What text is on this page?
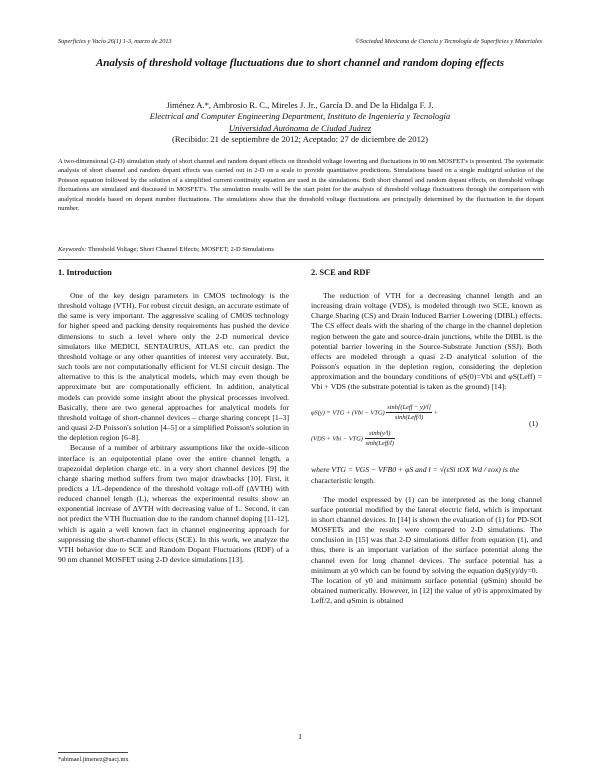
Superficies y Vacío 26(1) 1-3, marzo de 2013	©Sociedad Mexicana de Ciencia y Tecnología de Superficies y Materiales
Analysis of threshold voltage fluctuations due to short channel and random doping effects
Jiménez A.*, Ambrosio R. C., Mireles J. Jr., García D. and De la Hidalga F. J.
Electrical and Computer Engineering Department, Instituto de Ingeniería y Tecnología
Universidad Autónoma de Ciudad Juárez
(Recibido: 21 de septiembre de 2012; Aceptado: 27 de diciembre de 2012)
A two-dimensional (2-D) simulation study of short channel and random dopant effects on threshold voltage lowering and fluctuations in 90 nm MOSFET's is presented. The systematic analysis of short channel and random dopant effects was carried out in 2-D on a scale to provide quantitative predictions. Simulations based on a single multigrid solution of the Poisson equation followed by the solution of a simplified current continuity equation are used in the simulations. Both short channel and random dopant effects, on threshold voltage fluctuations are simulated and discussed in MOSFET's. The simulation results will be the start point for the analysis of threshold voltage fluctuations through the comparison with analytical models based on dopant number fluctuations. The simulations show that the threshold voltage fluctuations are principally determined by the fluctuation in the dopant number.
Keywords: Threshold Voltage; Short Channel Effects; MOSFET; 2-D Simulations
1. Introduction

One of the key design parameters in CMOS technology is the threshold voltage (VTH). For robust circuit design, an accurate estimate of the same is very important. The aggressive scaling of CMOS technology for higher speed and packing density requirements has pushed the device dimensions to such a level where only the 2-D numerical device simulators like MEDICI, SENTAURUS, ATLAS etc. can predict the threshold voltage or any other quantities of interest very accurately. But, such tools are not computationally efficient for VLSI circuit design. The alternative to this is the analytical models, which may even though be approximate but are computationally efficient. In addition, analytical models can provide some insight about the physical processes involved. Basically, there are two general approaches for analytical models for threshold voltage of short-channel devices – charge sharing concept [1–3] and quasi 2-D Poisson's solution [4–5] or a simplified Poisson's solution in the depletion region [6–8].

Because of a number of arbitrary assumptions like the oxide–silicon interface is an equipotential plane over the entire channel length, a trapezoidal depletion charge etc. in a very short channel devices [9] the charge sharing method suffers from two major drawbacks [10]. First, it predicts a 1/L-dependence of the threshold voltage roll-off (ΔVTH) with reduced channel length (L), whereas the experimental results show an exponential increase of ΔVTH with decreasing value of L. Second, it can not predict the VTH fluctuation due to the random channel doping [11-12], which is again a well known fact in channel engineering approach for suppressing the short-channel effects (SCE). In this work, we analyze the VTH behavior due to SCE and Random Dopant Fluctuations (RDF) of a 90 nm channel MOSFET using 2-D device simulations [13].

2. SCE and RDF

The reduction of VTH for a decreasing channel length and an increasing drain voltage (VDS), is modeled through two SCE, known as Charge Sharing (CS) and Drain Induced Barrier Lowering (DIBL) effects. The CS effect deals with the sharing of the charge in the channel depletion region between the gate and source-drain junctions, while the DIBL is the potential barrier lowering in the Source-Substrate Junction (SSJ). Both effects are modeled through a quasi 2-D analytical solution of the Poisson's equation in the depletion region, considering the depletion approximation and the boundary conditions of φS(0)=Vbi and φS(Leff) = Vbi + VDS (the substrate potential is taken as the ground) [14]:

φS(y) = VTG + $(Vbi - VTG) \frac{\text{sinh[(Leff − y)/l]}}{\text{sinh(Leff/l)}}$ +
(VDS + Vbi − $VTG) \frac{\sinh(y/l)}{\text{sinh(Leff/l)}}$
(1)
where VTG = VGS − VFB0 + φS and l = √(εSi tOX Wd / εox) is the
characteristic length.

The model expressed by (1) can be interpreted as the long channel surface potential modified by the lateral electric field, which is important in short channel devices. In [14] is shown the evaluation of (1) for PD-SOI MOSFETs and the results were compared to 2-D simulations. The conclusion in [15] was that 2-D simulations differ from equation (1), and thus, there is an important variation of the surface potential along the channel even for long channel devices. The surface potential has a minimum at y0 which can be found by solving the equation dφS(y)/dy=0.

The location of y0 and minimum surface potential (φSmin) should be obtained numerically. However, in [12] the value of y0 is approximated by Leff/2, and φSmin is obtained

1
*abimael.jimenez@uacj.mx
